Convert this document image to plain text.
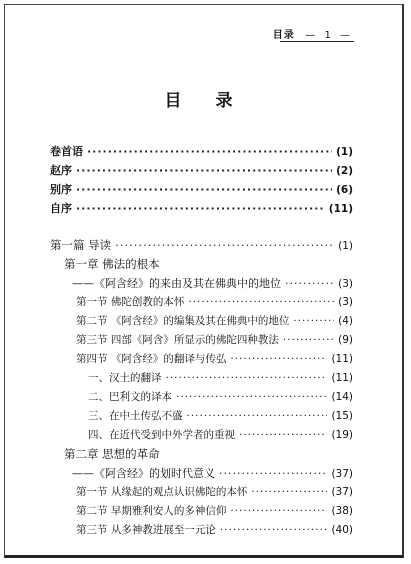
目录 — 1 —
目 录
卷首语 ·····	(1)
赵序 ·····	(2)
别序 ·····	(6)
自序 ·····	(11)
第一篇 导读 ·····	(1)
第一章 佛法的根本
——《阿含经》的来由及其在佛典中的地位 ·····	(3)
第一节 佛陀创教的本怀 ·····	(3)
第二节 《阿含经》的编集及其在佛典中的地位 ·····	(4)
第三节 四部《阿含》所显示的佛陀四种教法 ·····	(9)
第四节 《阿含经》的翻译与传弘 ·····	(11)
一、汉土的翻译 ·····	(11)
二、巴利文的译本 ·····	(14)
三、在中土传弘不盛 ·····	(15)
四、在近代受到中外学者的重视 ·····	(19)
第二章 思想的革命
——《阿含经》的划时代意义 ·····	(37)
第一节 从缘起的观点认识佛陀的本怀 ·····	(37)
第二节 早期雅利安人的多神信仰 ·····	(38)
第三节 从多神教进展至一元论 ·····	(40)
